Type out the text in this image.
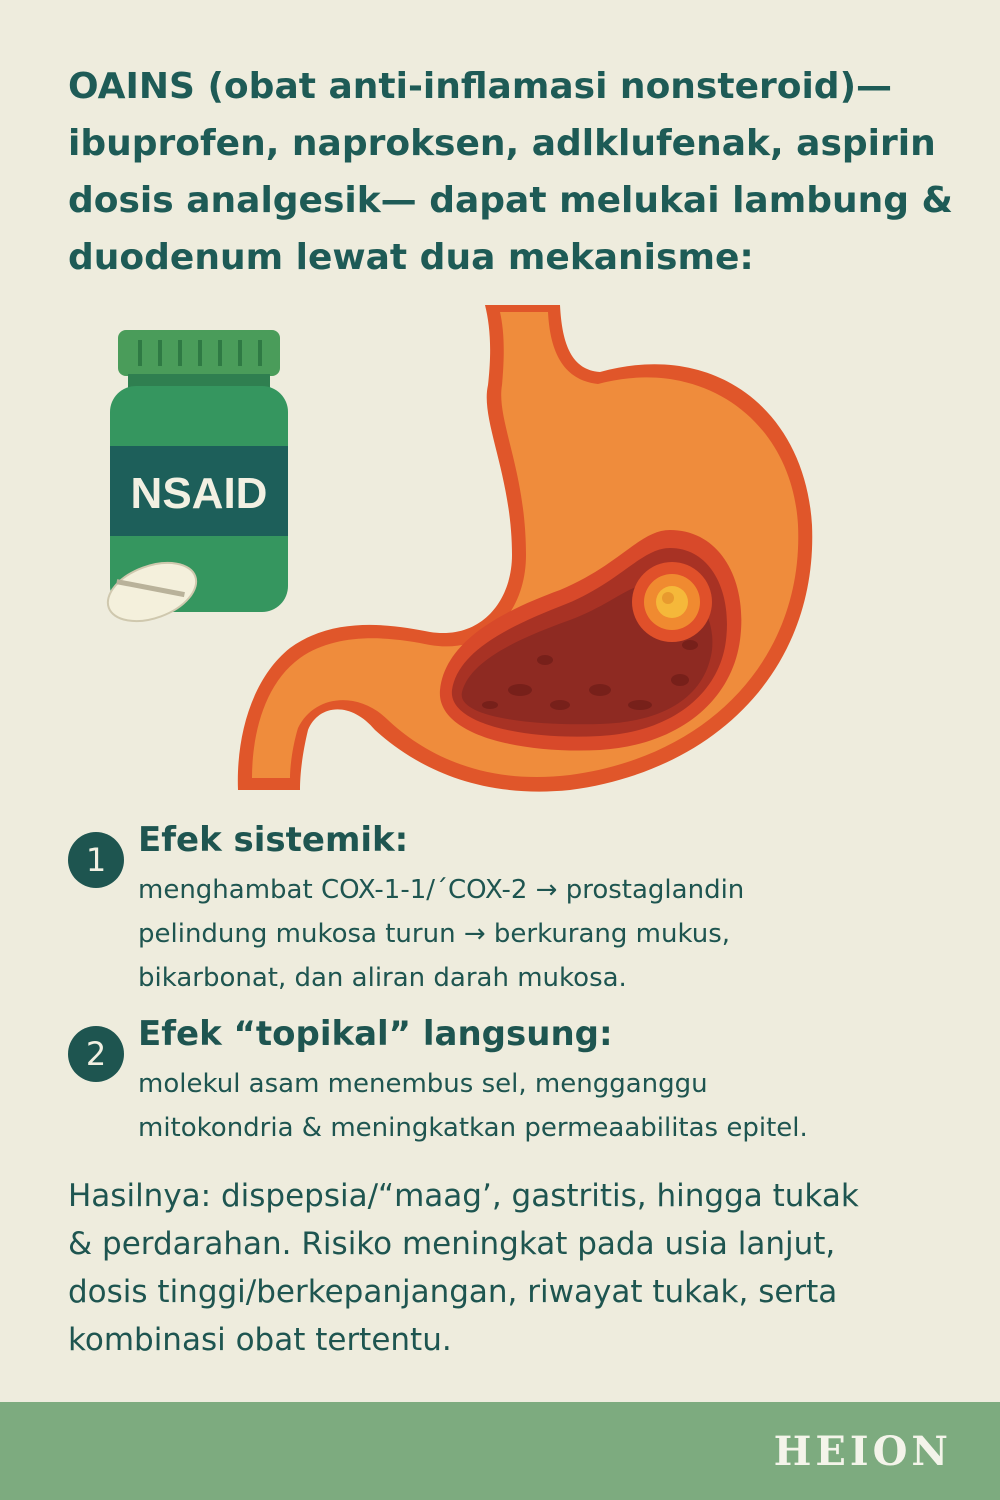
OAINS (obat anti-inflamasi nonsteroid)—
ibuprofen, naproksen, adlklufenak, aspirin
dosis analgesik— dapat melukai lambung &
duodenum lewat dua mekanisme:
NSAID
1 Efek sistemik:
menghambat COX-1-1/´COX-2 → prostaglandin
pelindung mukosa turun → berkurang mukus,
bikarbonat, dan aliran darah mukosa.
2 Efek “topikal” langsung:
molekul asam menembus sel, mengganggu
mitokondria & meningkatkan permeaabilitas epitel.
Hasilnya: dispepsia/“maag’, gastritis, hingga tukak
& perdarahan. Risiko meningkat pada usia lanjut,
dosis tinggi/berkepanjangan, riwayat tukak, serta
kombinasi obat tertentu.
HEION
